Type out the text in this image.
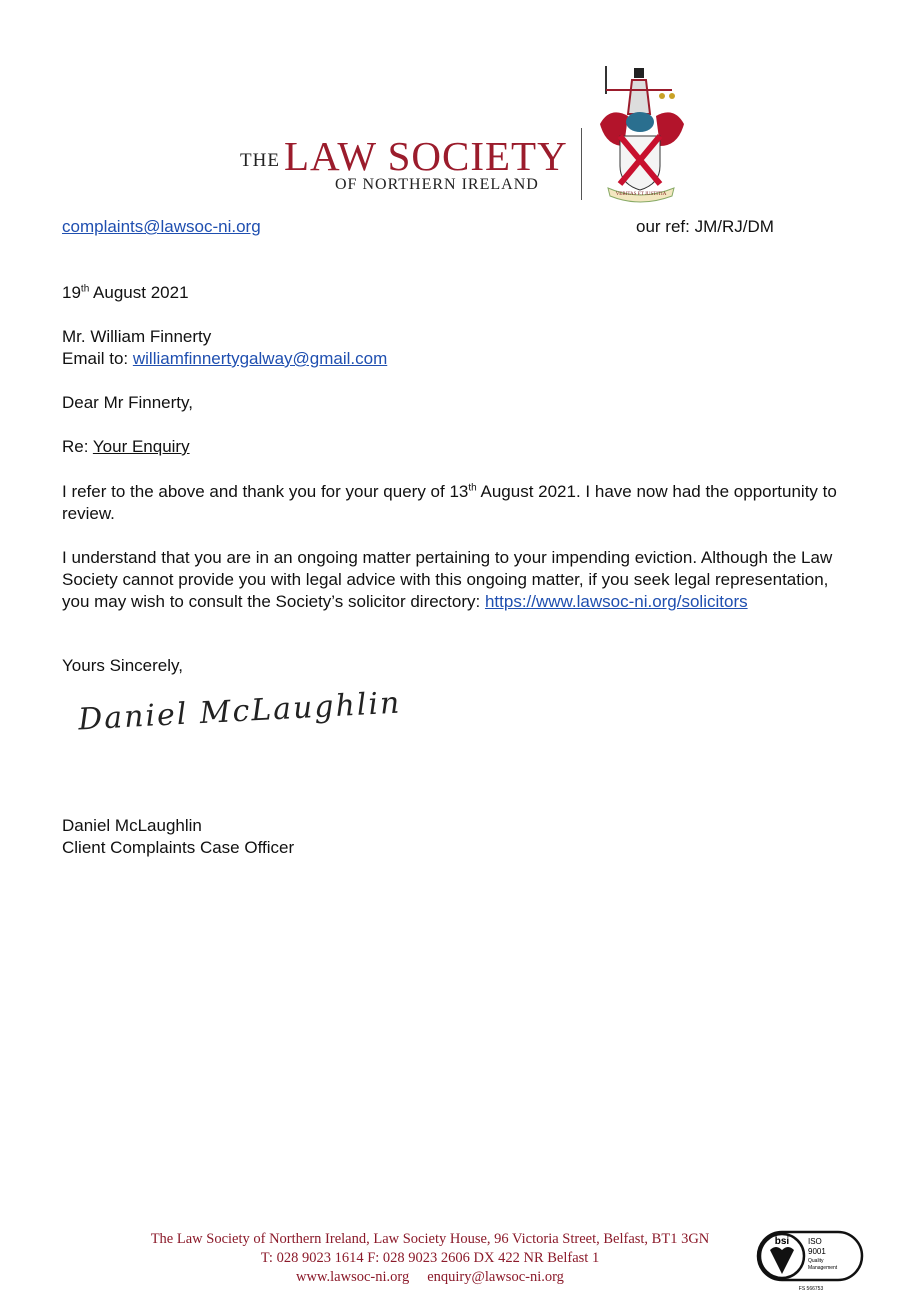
THE LAW SOCIETY
OF NORTHERN IRELAND
VERITAS ET JUSTITIA
complaints@lawsoc-ni.org	our ref: JM/RJ/DM
19th August 2021
Mr. William Finnerty
Email to: williamfinnertygalway@gmail.com
Dear Mr Finnerty,
Re: Your Enquiry
I refer to the above and thank you for your query of 13th August 2021. I have now had the opportunity to review.
I understand that you are in an ongoing matter pertaining to your impending eviction. Although the Law Society cannot provide you with legal advice with this ongoing matter, if you seek legal representation, you may wish to consult the Society’s solicitor directory: https://www.lawsoc-ni.org/solicitors
Yours Sincerely,
Daniel McLaughlin
Daniel McLaughlin
Client Complaints Case Officer
The Law Society of Northern Ireland, Law Society House, 96 Victoria Street, Belfast, BT1 3GN
T: 028 9023 1614 F: 028 9023 2606 DX 422 NR Belfast 1
www.lawsoc-ni.org enquiry@lawsoc-ni.org
bsi ISO
9001
Quality
Management
FS 566753
